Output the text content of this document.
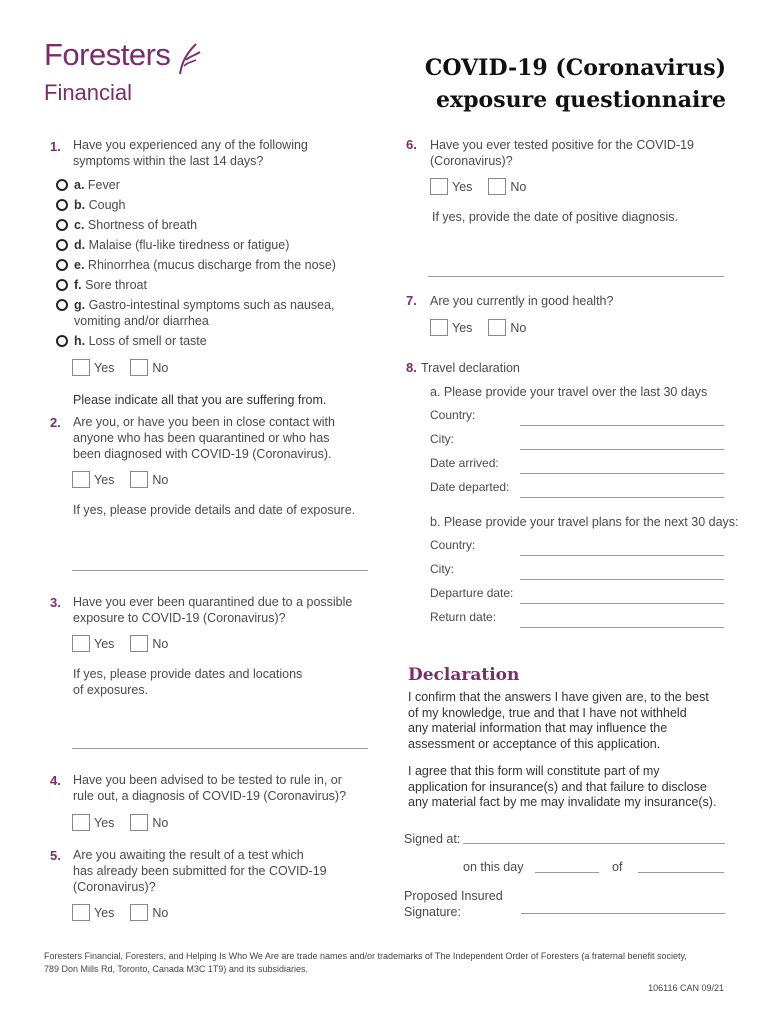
Foresters
Financial
COVID-19 (Coronavirus)
exposure questionnaire
1. Have you experienced any of the following
symptoms within the last 14 days?
a. Fever
b. Cough
c. Shortness of breath
d. Malaise (flu-like tiredness or fatigue)
e. Rhinorrhea (mucus discharge from the nose)
f. Sore throat
g. Gastro-intestinal symptoms such as nausea,
vomiting and/or diarrhea
h. Loss of smell or taste
Yes	No
Please indicate all that you are suffering from.
2. Are you, or have you been in close contact with
anyone who has been quarantined or who has
been diagnosed with COVID-19 (Coronavirus).
Yes	No
If yes, please provide details and date of exposure.
3. Have you ever been quarantined due to a possible
exposure to COVID-19 (Coronavirus)?
Yes	No
If yes, please provide dates and locations
of exposures.
4. Have you been advised to be tested to rule in, or
rule out, a diagnosis of COVID-19 (Coronavirus)?
Yes	No
5. Are you awaiting the result of a test which
has already been submitted for the COVID-19
(Coronavirus)?
Yes	No
6. Have you ever tested positive for the COVID-19
(Coronavirus)?
Yes	No
If yes, provide the date of positive diagnosis.
7. Are you currently in good health?
Yes	No
8. Travel declaration
a. Please provide your travel over the last 30 days
Country:
City:
Date arrived:
Date departed:
b. Please provide your travel plans for the next 30 days:
Country:
City:
Departure date:
Return date:
Declaration
I confirm that the answers I have given are, to the best
of my knowledge, true and that I have not withheld
any material information that may influence the
assessment or acceptance of this application.
I agree that this form will constitute part of my
application for insurance(s) and that failure to disclose
any material fact by me may invalidate my insurance(s).
Signed at:
on this day	of
Proposed Insured
Signature:
Foresters Financial, Foresters, and Helping Is Who We Are are trade names and/or trademarks of The Independent Order of Foresters (a fraternal benefit society,
789 Don Mills Rd, Toronto, Canada M3C 1T9) and its subsidiaries.
106116 CAN 09/21
